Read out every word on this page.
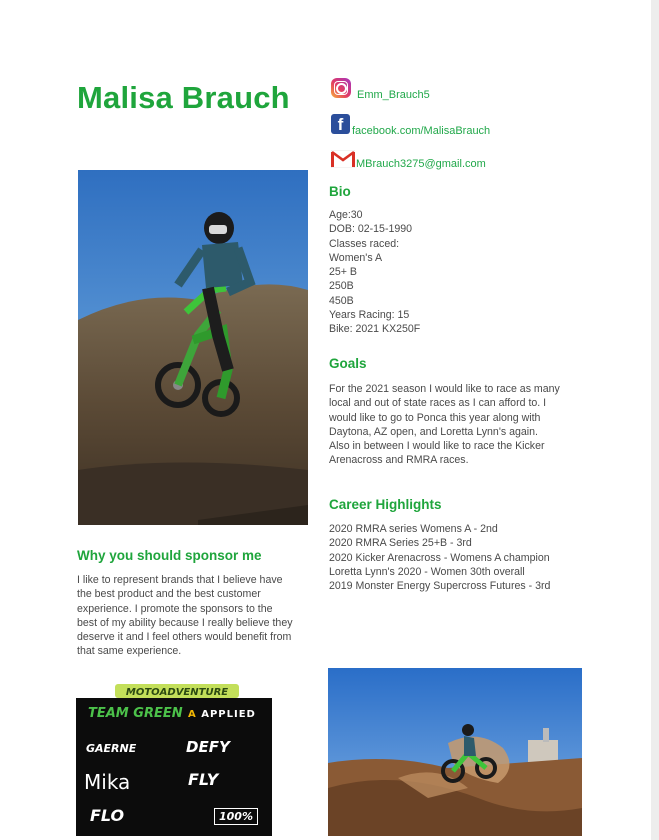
Malisa Brauch	Emm_Brauch5
f facebook.com/MalisaBrauch
MBrauch3275@gmail.com
Bio
Age:30
DOB: 02-15-1990
Classes raced:
Women's A
25+ B
250B
450B
Years Racing: 15
Bike: 2021 KX250F
Goals
For the 2021 season I would like to race as many
local and out of state races as I can afford to. I
would like to go to Ponca this year along with
Daytona, AZ open, and Loretta Lynn's again.
Also in between I would like to race the Kicker
Arenacross and RMRA races.
Career Highlights
2020 RMRA series Womens A - 2nd
2020 RMRA Series 25+B - 3rd
2020 Kicker Arenacross - Womens A champion
Loretta Lynn's 2020 - Women 30th overall
2019 Monster Energy Supercross Futures - 3rd
Why you should sponsor me
I like to represent brands that I believe have
the best product and the best customer
experience. I promote the sponsors to the
best of my ability because I really believe they
deserve it and I feel others would benefit from
that same experience.
MOTOADVENTURE
TEAM GREEN A APPLIED
GAERNE	DEFY
Mika	FLY
FLO	100%
